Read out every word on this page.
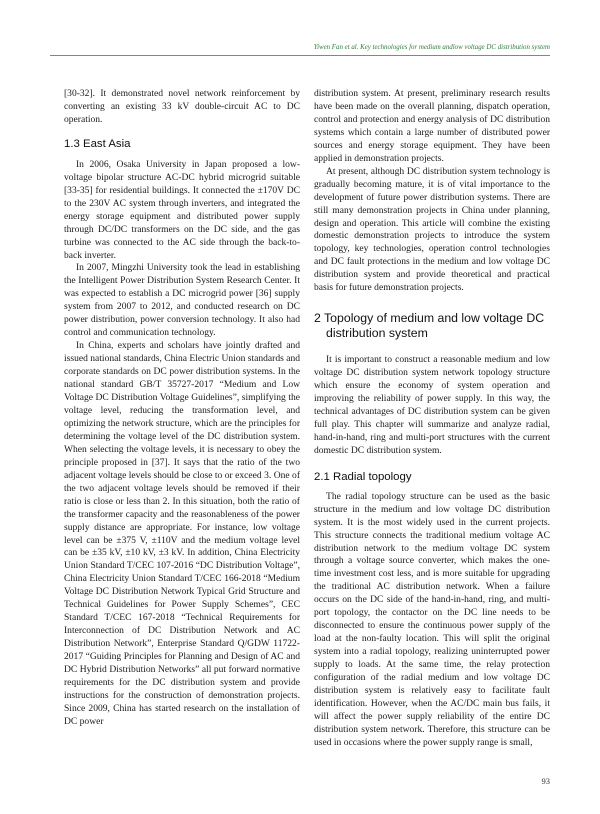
Yiwen Fan et al. Key technologies for medium andlow voltage DC distribution system

[30-32]. It demonstrated novel network reinforcement by converting an existing 33 kV double-circuit AC to DC operation.

1.3 East Asia

In 2006, Osaka University in Japan proposed a low-voltage bipolar structure AC-DC hybrid microgrid suitable [33-35] for residential buildings. It connected the ±170V DC to the 230V AC system through inverters, and integrated the energy storage equipment and distributed power supply through DC/DC transformers on the DC side, and the gas turbine was connected to the AC side through the back-to-back inverter.

In 2007, Mingzhi University took the lead in establishing the Intelligent Power Distribution System Research Center. It was expected to establish a DC microgrid power [36] supply system from 2007 to 2012, and conducted research on DC power distribution, power conversion technology. It also had control and communication technology.

In China, experts and scholars have jointly drafted and issued national standards, China Electric Union standards and corporate standards on DC power distribution systems. In the national standard GB/T 35727-2017 “Medium and Low Voltage DC Distribution Voltage Guidelines”, simplifying the voltage level, reducing the transformation level, and optimizing the network structure, which are the principles for determining the voltage level of the DC distribution system. When selecting the voltage levels, it is necessary to obey the principle proposed in [37]. It says that the ratio of the two adjacent voltage levels should be close to or exceed 3. One of the two adjacent voltage levels should be removed if their ratio is close or less than 2. In this situation, both the ratio of the transformer capacity and the reasonableness of the power supply distance are appropriate. For instance, low voltage level can be ±375 V, ±110V and the medium voltage level can be ±35 kV, ±10 kV, ±3 kV. In addition, China Electricity Union Standard T/CEC 107-2016 “DC Distribution Voltage”, China Electricity Union Standard T/CEC 166-2018 “Medium Voltage DC Distribution Network Typical Grid Structure and Technical Guidelines for Power Supply Schemes”, CEC Standard T/CEC 167-2018 “Technical Requirements for Interconnection of DC Distribution Network and AC Distribution Network”, Enterprise Standard Q/GDW 11722-2017 “Guiding Principles for Planning and Design of AC and DC Hybrid Distribution Networks” all put forward normative requirements for the DC distribution system and provide instructions for the construction of demonstration projects. Since 2009, China has started research on the installation of DC power

distribution system. At present, preliminary research results have been made on the overall planning, dispatch operation, control and protection and energy analysis of DC distribution systems which contain a large number of distributed power sources and energy storage equipment. They have been applied in demonstration projects.

At present, although DC distribution system technology is gradually becoming mature, it is of vital importance to the development of future power distribution systems. There are still many demonstration projects in China under planning, design and operation. This article will combine the existing domestic demonstration projects to introduce the system topology, key technologies, operation control technologies and DC fault protections in the medium and low voltage DC distribution system and provide theoretical and practical basis for future demonstration projects.

2 Topology of medium and low voltage DC distribution system

It is important to construct a reasonable medium and low voltage DC distribution system network topology structure which ensure the economy of system operation and improving the reliability of power supply. In this way, the technical advantages of DC distribution system can be given full play. This chapter will summarize and analyze radial, hand-in-hand, ring and multi-port structures with the current domestic DC distribution system.

2.1 Radial topology

The radial topology structure can be used as the basic structure in the medium and low voltage DC distribution system. It is the most widely used in the current projects. This structure connects the traditional medium voltage AC distribution network to the medium voltage DC system through a voltage source converter, which makes the one-time investment cost less, and is more suitable for upgrading the traditional AC distribution network. When a failure occurs on the DC side of the hand-in-hand, ring, and multi-port topology, the contactor on the DC line needs to be disconnected to ensure the continuous power supply of the load at the non-faulty location. This will split the original system into a radial topology, realizing uninterrupted power supply to loads. At the same time, the relay protection configuration of the radial medium and low voltage DC distribution system is relatively easy to facilitate fault identification. However, when the AC/DC main bus fails, it will affect the power supply reliability of the entire DC distribution system network. Therefore, this structure can be used in occasions where the power supply range is small,

93
